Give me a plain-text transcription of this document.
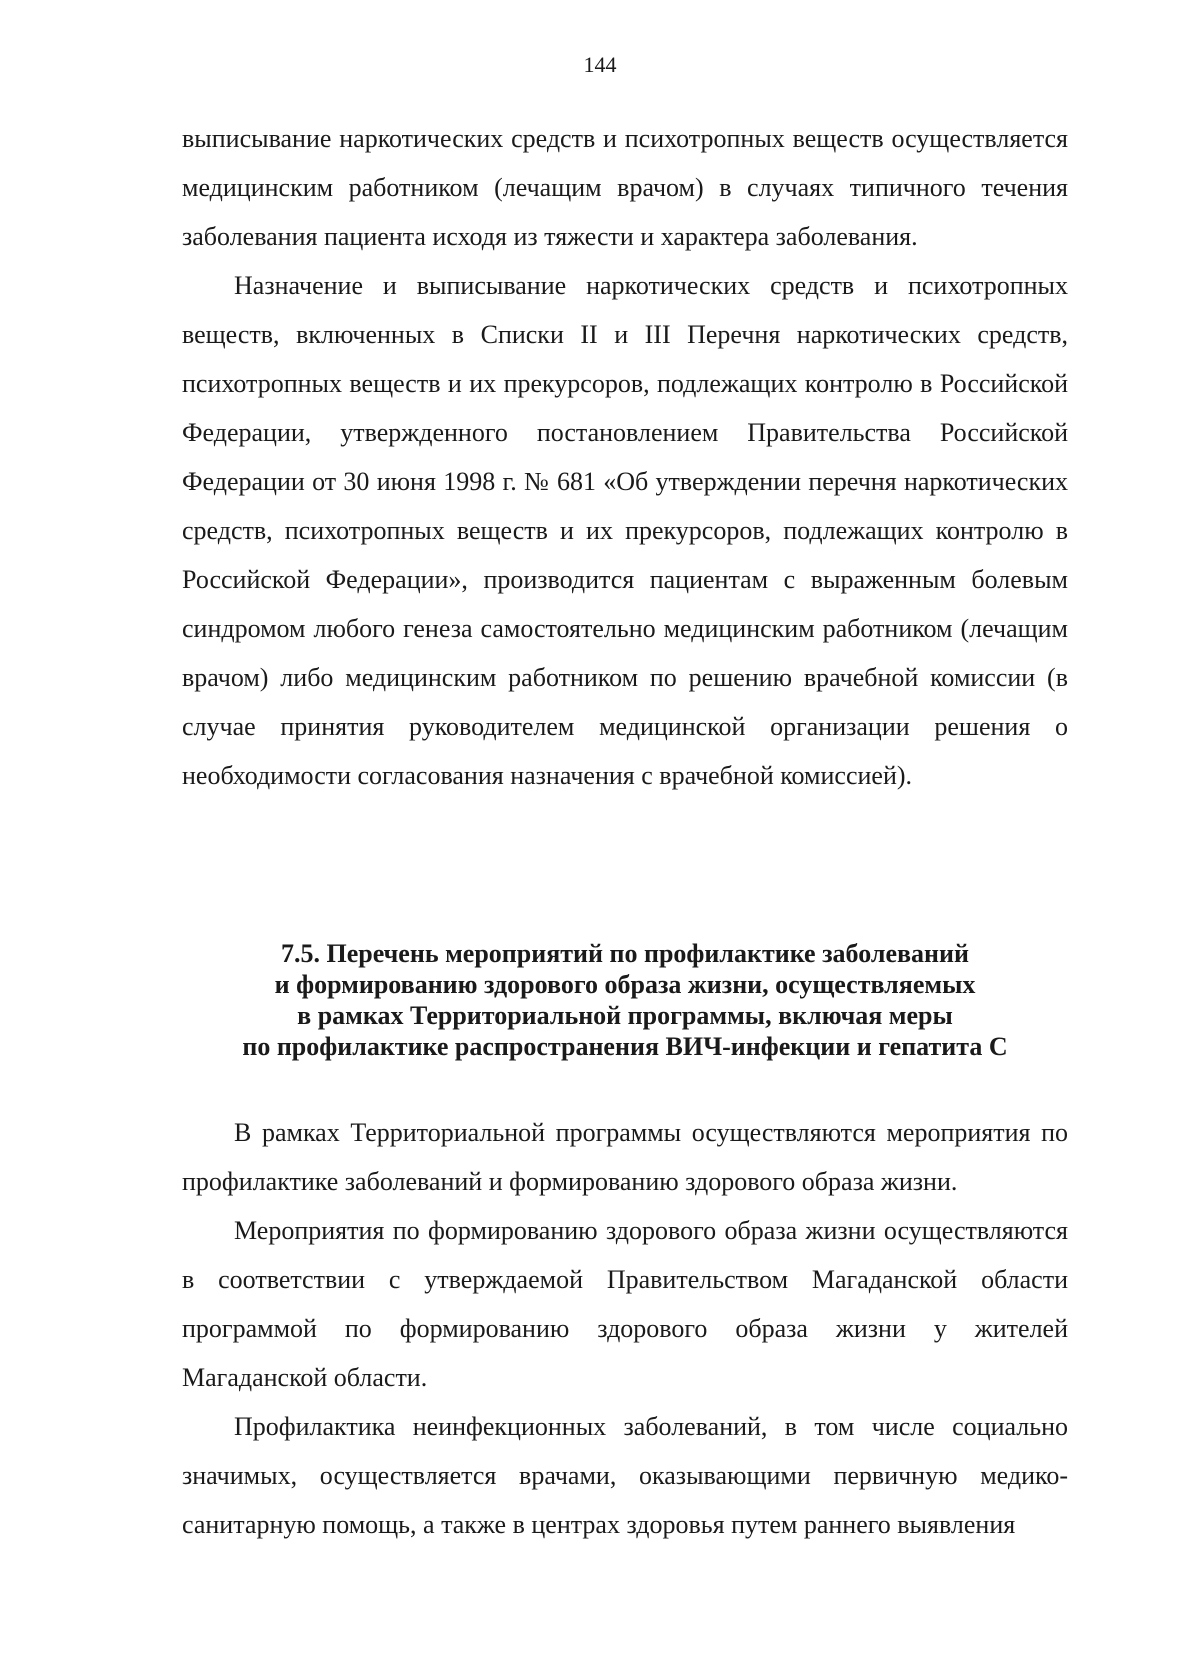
144

выписывание наркотических средств и психотропных веществ осуществляется медицинским работником (лечащим врачом) в случаях типичного течения заболевания пациента исходя из тяжести и характера заболевания.

Назначение и выписывание наркотических средств и психотропных веществ, включенных в Списки II и III Перечня наркотических средств, психотропных веществ и их прекурсоров, подлежащих контролю в Российской Федерации, утвержденного постановлением Правительства Российской Федерации от 30 июня 1998 г. № 681 «Об утверждении перечня наркотических средств, психотропных веществ и их прекурсоров, подлежащих контролю в Российской Федерации», производится пациентам с выраженным болевым синдромом любого генеза самостоятельно медицинским работником (лечащим врачом) либо медицинским работником по решению врачебной комиссии (в случае принятия руководителем медицинской организации решения о необходимости согласования назначения с врачебной комиссией).

7.5. Перечень мероприятий по профилактике заболеваний
и формированию здорового образа жизни, осуществляемых
в рамках Территориальной программы, включая меры
по профилактике распространения ВИЧ-инфекции и гепатита С

В рамках Территориальной программы осуществляются мероприятия по профилактике заболеваний и формированию здорового образа жизни.

Мероприятия по формированию здорового образа жизни осуществляются в соответствии с утверждаемой Правительством Магаданской области программой по формированию здорового образа жизни у жителей Магаданской области.

Профилактика неинфекционных заболеваний, в том числе социально значимых, осуществляется врачами, оказывающими первичную медико-санитарную помощь, а также в центрах здоровья путем раннего выявления
